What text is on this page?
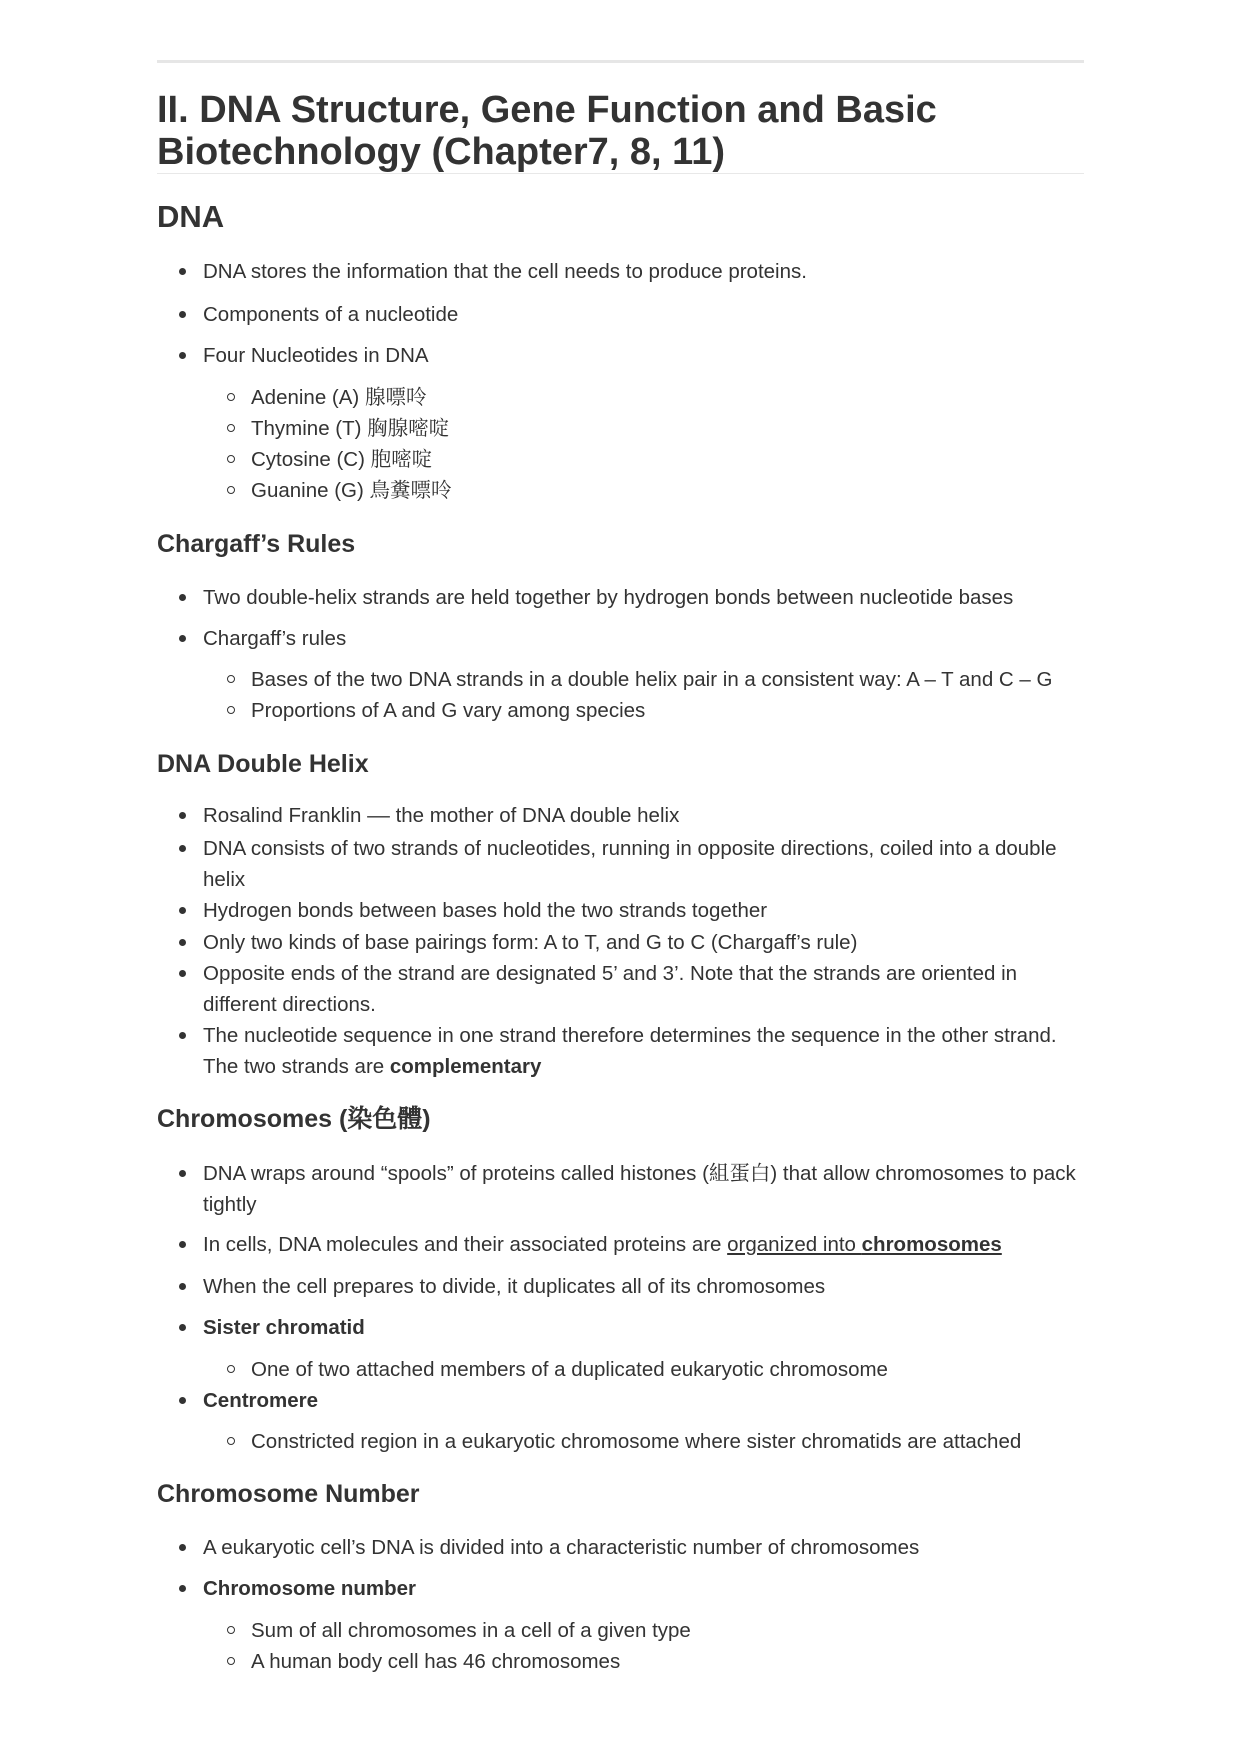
II. DNA Structure, Gene Function and Basic Biotechnology (Chapter7, 8, 11)
DNA
DNA stores the information that the cell needs to produce proteins.
Components of a nucleotide
Four Nucleotides in DNA
Adenine (A) 腺嘌呤
Thymine (T) 胸腺嘧啶
Cytosine (C) 胞嘧啶
Guanine (G) 鳥糞嘌呤
Chargaff’s Rules
Two double-helix strands are held together by hydrogen bonds between nucleotide bases
Chargaff’s rules
Bases of the two DNA strands in a double helix pair in a consistent way: A – T and C – G
Proportions of A and G vary among species
DNA Double Helix
Rosalind Franklin –– the mother of DNA double helix
DNA consists of two strands of nucleotides, running in opposite directions, coiled into a double helix
Hydrogen bonds between bases hold the two strands together
Only two kinds of base pairings form: A to T, and G to C (Chargaff’s rule)
Opposite ends of the strand are designated 5’ and 3’. Note that the strands are oriented in different directions.
The nucleotide sequence in one strand therefore determines the sequence in the other strand. The two strands are complementary
Chromosomes (染色體)
DNA wraps around “spools” of proteins called histones (組蛋白) that allow chromosomes to pack tightly
In cells, DNA molecules and their associated proteins are organized into chromosomes
When the cell prepares to divide, it duplicates all of its chromosomes
Sister chromatid
One of two attached members of a duplicated eukaryotic chromosome
Centromere
Constricted region in a eukaryotic chromosome where sister chromatids are attached
Chromosome Number
A eukaryotic cell’s DNA is divided into a characteristic number of chromosomes
Chromosome number
Sum of all chromosomes in a cell of a given type
A human body cell has 46 chromosomes
